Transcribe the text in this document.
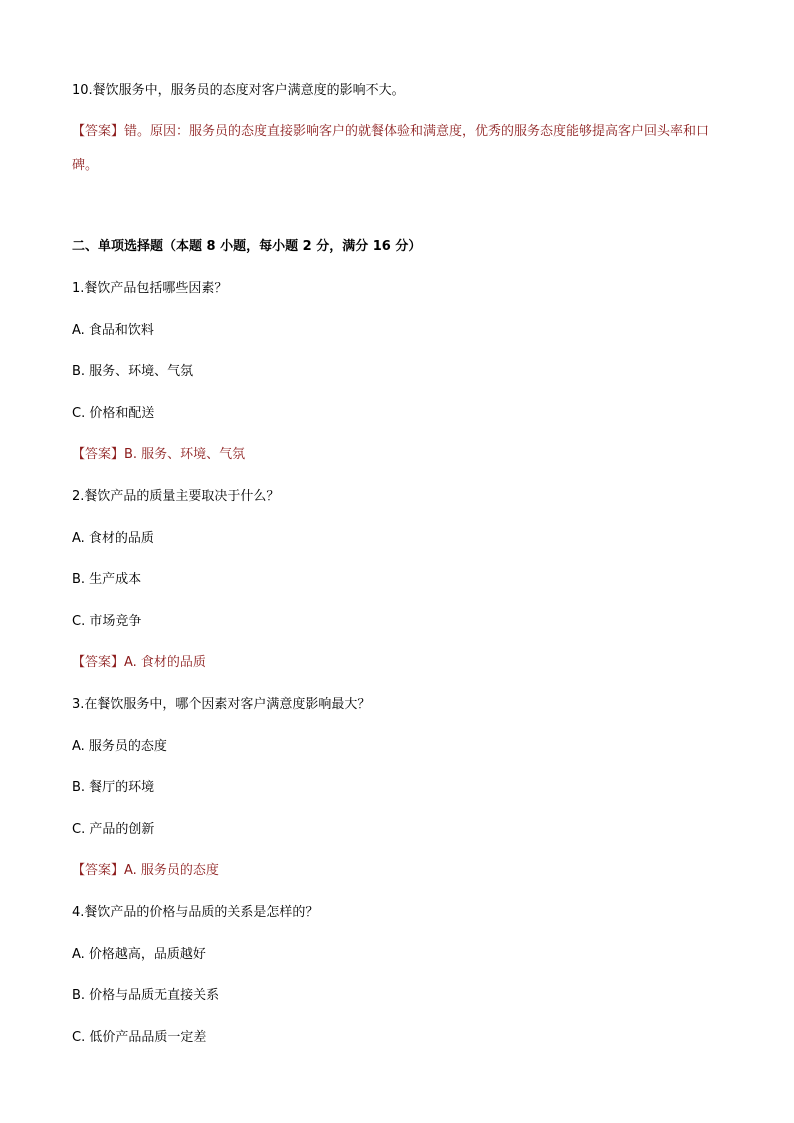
10.餐饮服务中，服务员的态度对客户满意度的影响不大。
【答案】错。原因：服务员的态度直接影响客户的就餐体验和满意度，优秀的服务态度能够提高客户回头率和口碑。
二、单项选择题（本题 8 小题，每小题 2 分，满分 16 分）
1.餐饮产品包括哪些因素？
A. 食品和饮料
B. 服务、环境、气氛
C. 价格和配送
【答案】B. 服务、环境、气氛
2.餐饮产品的质量主要取决于什么？
A. 食材的品质
B. 生产成本
C. 市场竞争
【答案】A. 食材的品质
3.在餐饮服务中，哪个因素对客户满意度影响最大？
A. 服务员的态度
B. 餐厅的环境
C. 产品的创新
【答案】A. 服务员的态度
4.餐饮产品的价格与品质的关系是怎样的？
A. 价格越高，品质越好
B. 价格与品质无直接关系
C. 低价产品品质一定差
